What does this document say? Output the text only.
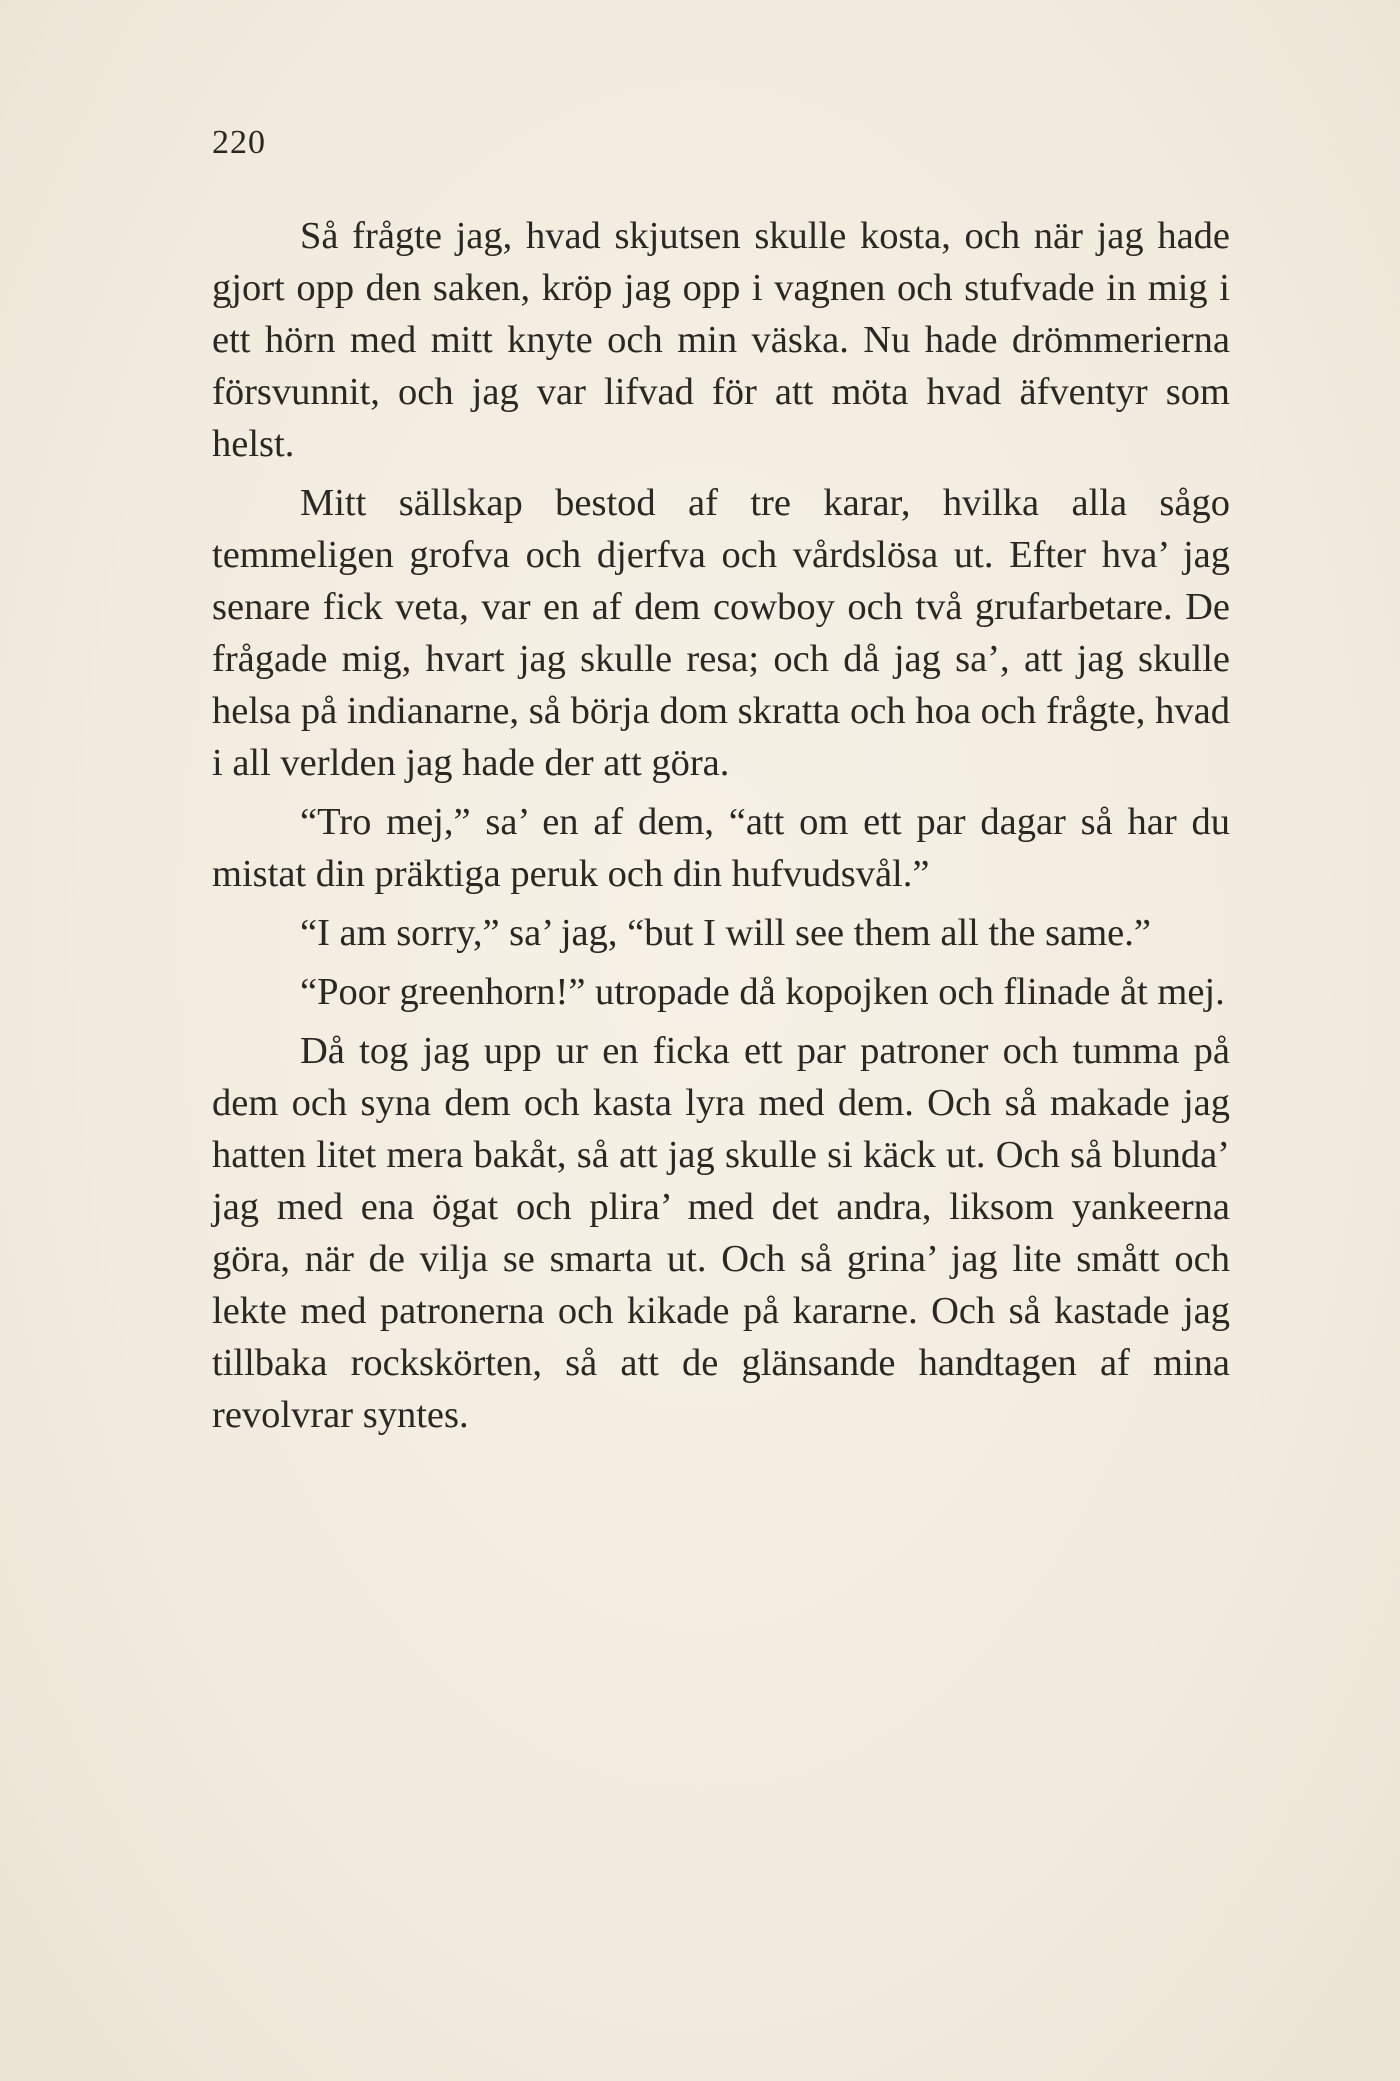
220

Så frågte jag, hvad skjutsen skulle kosta, och när jag hade gjort opp den saken, kröp jag opp i vagnen och stufvade in mig i ett hörn med mitt knyte och min väska. Nu hade drömmerierna försvunnit, och jag var lifvad för att möta hvad äfventyr som helst.

Mitt sällskap bestod af tre karar, hvilka alla sågo temmeligen grofva och djerfva och vårdslösa ut. Efter hva’ jag senare fick veta, var en af dem cowboy och två grufarbetare. De frågade mig, hvart jag skulle resa; och då jag sa’, att jag skulle helsa på indianarne, så börja dom skratta och hoa och frågte, hvad i all verlden jag hade der att göra.

“Tro mej,” sa’ en af dem, “att om ett par dagar så har du mistat din präktiga peruk och din hufvudsvål.”

“I am sorry,” sa’ jag, “but I will see them all the same.”

“Poor greenhorn!” utropade då kopojken och flinade åt mej.

Då tog jag upp ur en ficka ett par patroner och tumma på dem och syna dem och kasta lyra med dem. Och så makade jag hatten litet mera bakåt, så att jag skulle si käck ut. Och så blunda’ jag med ena ögat och plira’ med det andra, liksom yankeerna göra, när de vilja se smarta ut. Och så grina’ jag lite smått och lekte med patronerna och kikade på kararne. Och så kastade jag tillbaka rockskörten, så att de glänsande handtagen af mina revolvrar syntes.
